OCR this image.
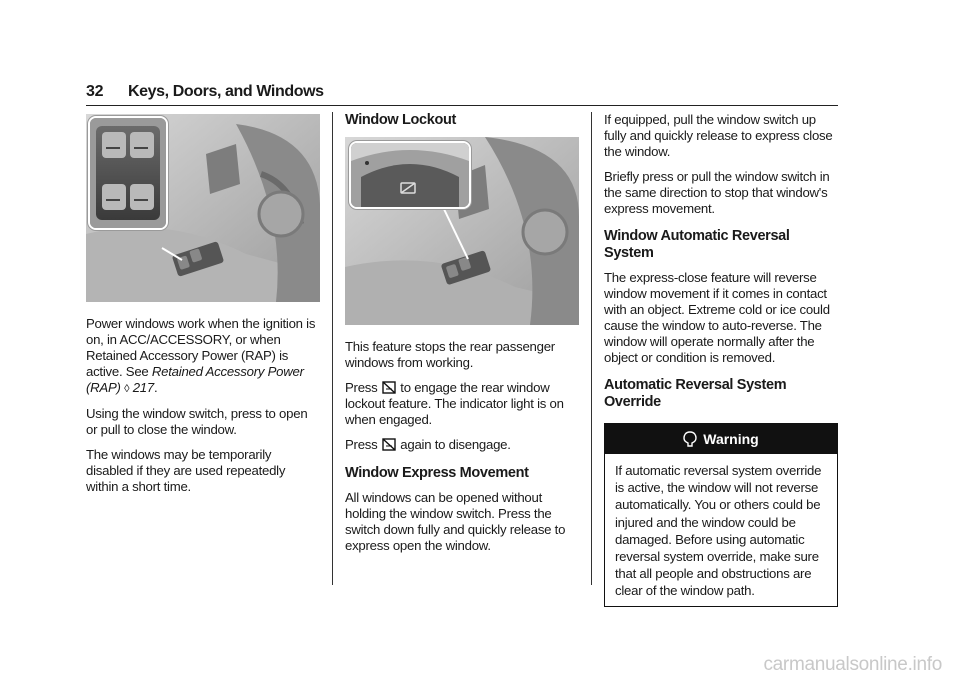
32 Keys, Doors, and Windows

Power windows work when the ignition is on, in ACC/ACCESSORY, or when Retained Accessory Power (RAP) is active. See Retained Accessory Power (RAP) ◊ 217.

Using the window switch, press to open or pull to close the window.

The windows may be temporarily disabled if they are used repeatedly within a short time.

Window Lockout

This feature stops the rear passenger windows from working.

Press  to engage the rear window lockout feature. The indicator light is on when engaged.

Press  again to disengage.

Window Express Movement

All windows can be opened without holding the window switch. Press the switch down fully and quickly release to express open the window.

If equipped, pull the window switch up fully and quickly release to express close the window.

Briefly press or pull the window switch in the same direction to stop that window's express movement.

Window Automatic Reversal System

The express-close feature will reverse window movement if it comes in contact with an object. Extreme cold or ice could cause the window to auto-reverse. The window will operate normally after the object or condition is removed.

Automatic Reversal System Override
Warning

If automatic reversal system override is active, the window will not reverse automatically. You or others could be injured and the window could be damaged. Before using automatic reversal system override, make sure that all people and obstructions are clear of the window path.

carmanualsonline.info
